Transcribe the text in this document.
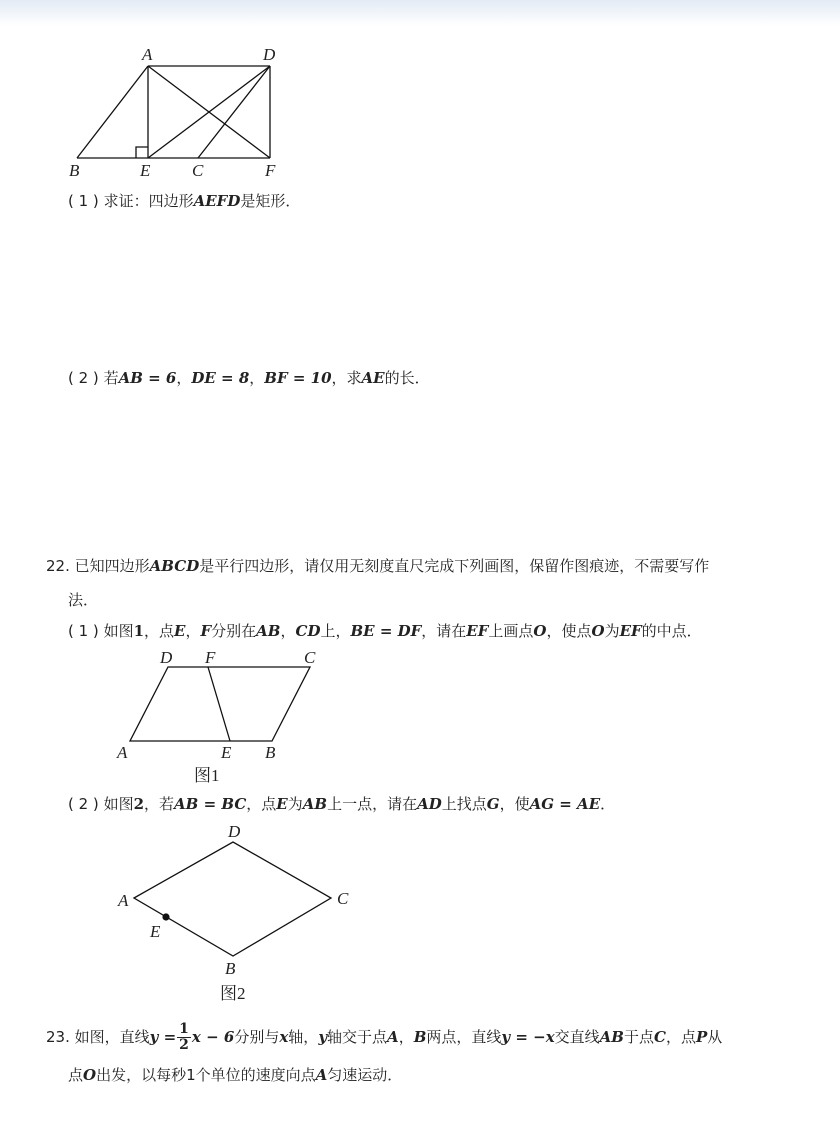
A	D
B	E C	F
( 1 ) 求证：四边形AEFD是矩形．
( 2 ) 若AB = 6，DE = 8，BF = 10，求AE的长．
22. 已知四边形ABCD是平行四边形，请仅用无刻度直尺完成下列画图，保留作图痕迹，不需要写作
法．
( 1 ) 如图1，点E，F分别在AB，CD上，BE = DF，请在EF上画点O，使点O为EF的中点．
D F	C
A	E B
图1
( 2 ) 如图2，若AB = BC，点E为AB上一点，请在AD上找点G，使AG = AE．
D
A	C
E
B
图2
23. 如图，直线$y = \frac{1}{2}$ x − 6分别与x轴，y轴交于点A，B两点，直线y = −x交直线AB于点C，点P从
点O出发，以每秒1个单位的速度向点A匀速运动．
